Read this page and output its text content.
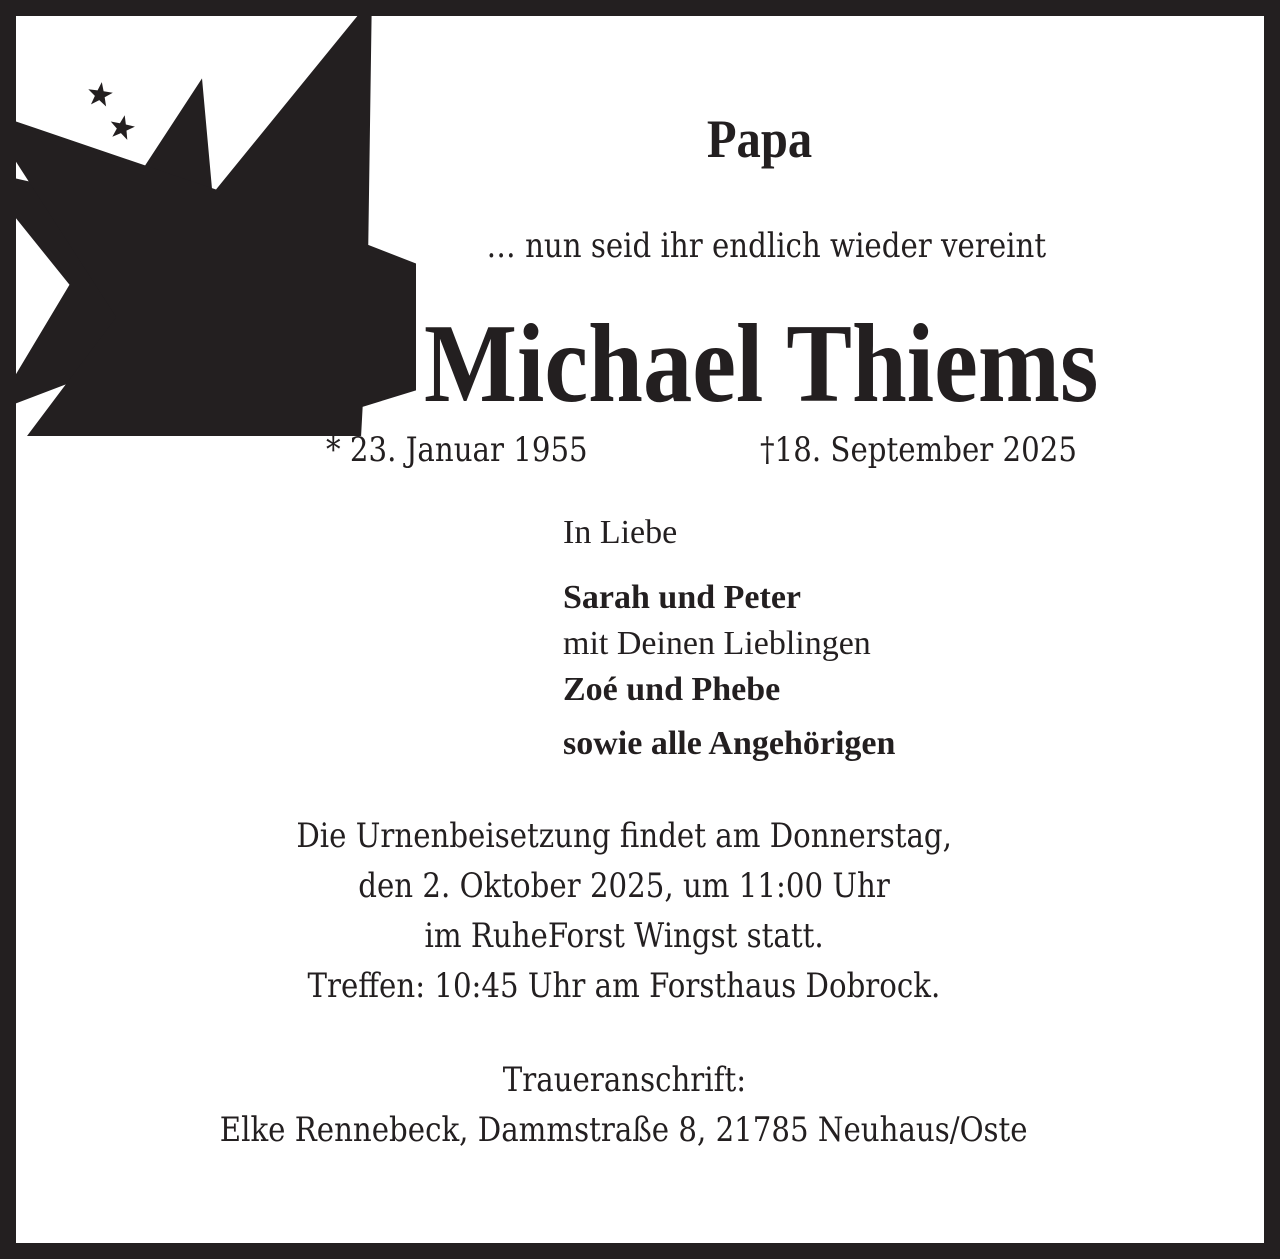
Papa
… nun seid ihr endlich wieder vereint
Michael Thiems
* 23. Januar 1955	†18. September 2025
In Liebe
Sarah und Peter
mit Deinen Lieblingen
Zoé und Phebe
sowie alle Angehörigen
Die Urnenbeisetzung findet am Donnerstag,
den 2. Oktober 2025, um 11:00 Uhr
im RuheForst Wingst statt.
Treffen: 10:45 Uhr am Forsthaus Dobrock.
Traueranschrift:
Elke Rennebeck, Dammstraße 8, 21785 Neuhaus/Oste
